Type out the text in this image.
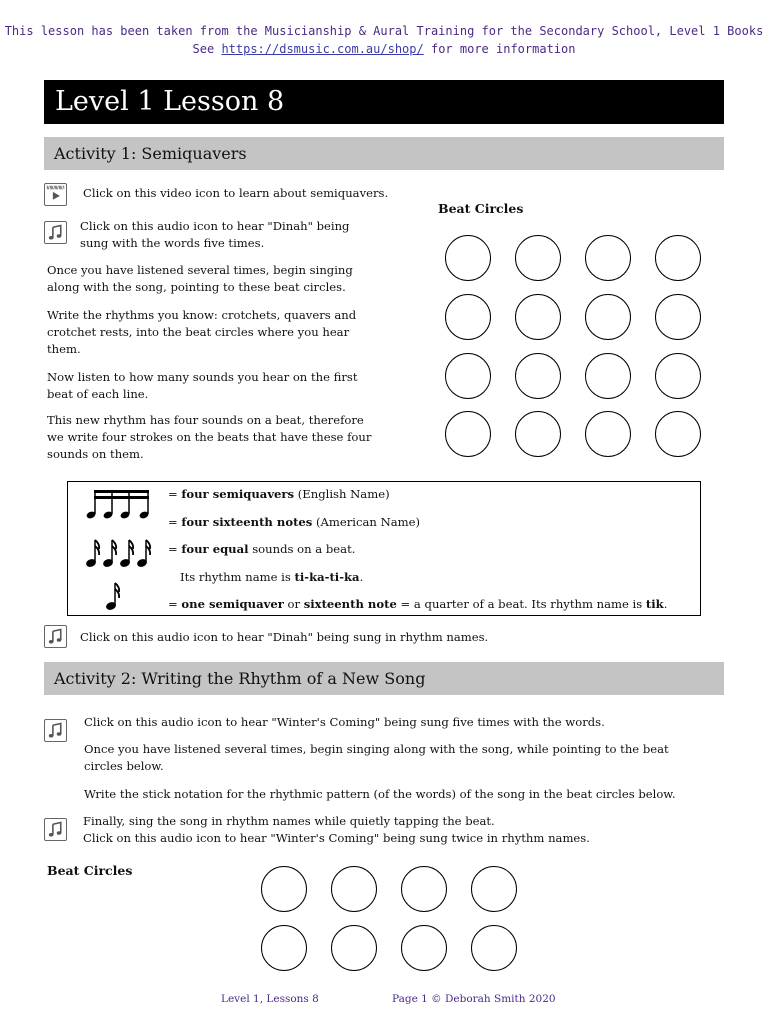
This lesson has been taken from the Musicianship & Aural Training for the Secondary School, Level 1 Books
See https://dsmusic.com.au/shop/ for more information
Level 1 Lesson 8
Activity 1: Semiquavers
Click on this video icon to learn about semiquavers.
Click on this audio icon to hear "Dinah" being
sung with the words five times.
Once you have listened several times, begin singing
along with the song, pointing to these beat circles.
Write the rhythms you know: crotchets, quavers and
crotchet rests, into the beat circles where you hear
them.
Now listen to how many sounds you hear on the first
beat of each line.
This new rhythm has four sounds on a beat, therefore
we write four strokes on the beats that have these four
sounds on them.
Beat Circles
= four semiquavers (English Name)
= four sixteenth notes (American Name)
= four equal sounds on a beat.
Its rhythm name is ti-ka-ti-ka.
= one semiquaver or sixteenth note = a quarter of a beat. Its rhythm name is tik.
Click on this audio icon to hear "Dinah" being sung in rhythm names.
Activity 2: Writing the Rhythm of a New Song
Click on this audio icon to hear "Winter's Coming" being sung five times with the words.
Once you have listened several times, begin singing along with the song, while pointing to the beat
circles below.
Write the stick notation for the rhythmic pattern (of the words) of the song in the beat circles below.
Finally, sing the song in rhythm names while quietly tapping the beat.
Click on this audio icon to hear "Winter's Coming" being sung twice in rhythm names.
Beat Circles
Level 1, Lessons 8	Page 1 © Deborah Smith 2020
